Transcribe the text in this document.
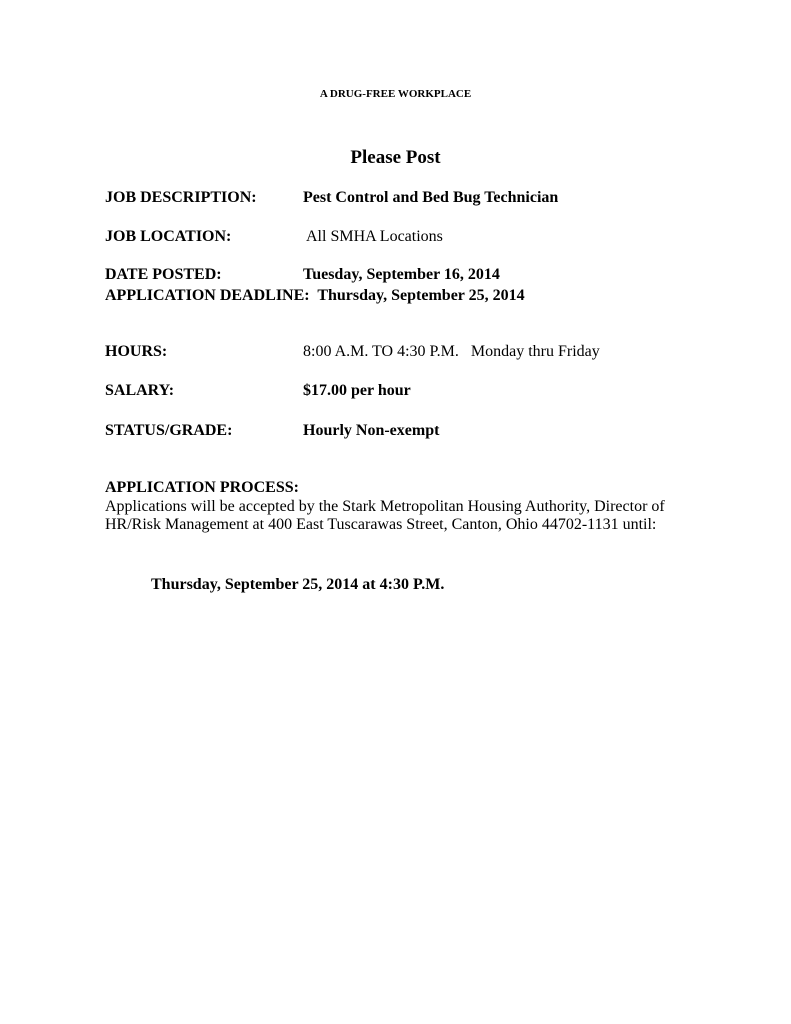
A DRUG-FREE WORKPLACE
Please Post
JOB DESCRIPTION:	Pest Control and Bed Bug Technician
JOB LOCATION:	All SMHA Locations
DATE POSTED:	Tuesday, September 16, 2014
APPLICATION DEADLINE:  Thursday, September 25, 2014
HOURS:	8:00 A.M. TO 4:30 P.M.   Monday thru Friday
SALARY:	$17.00 per hour
STATUS/GRADE:	Hourly Non-exempt
APPLICATION PROCESS:
Applications will be accepted by the Stark Metropolitan Housing Authority, Director of HR/Risk Management at 400 East Tuscarawas Street, Canton, Ohio 44702-1131 until:
Thursday, September 25, 2014 at 4:30 P.M.
